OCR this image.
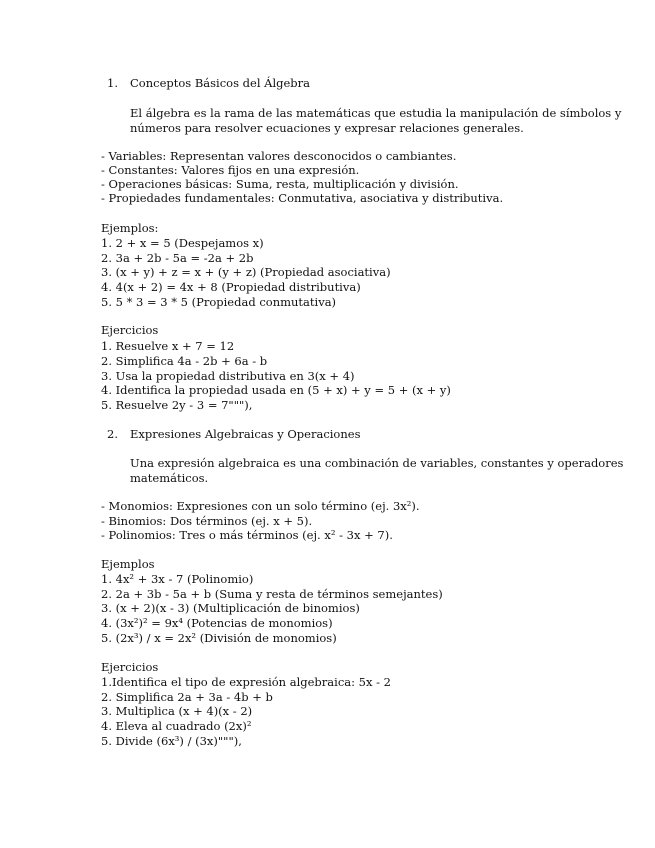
1. Conceptos Básicos del Álgebra
El álgebra es la rama de las matemáticas que estudia la manipulación de símbolos y
números para resolver ecuaciones y expresar relaciones generales.
- Variables: Representan valores desconocidos o cambiantes.
- Constantes: Valores fijos en una expresión.
- Operaciones básicas: Suma, resta, multiplicación y división.
- Propiedades fundamentales: Conmutativa, asociativa y distributiva.
Ejemplos:
1. 2 + x = 5 (Despejamos x)
2. 3a + 2b - 5a = -2a + 2b
3. (x + y) + z = x + (y + z) (Propiedad asociativa)
4. 4(x + 2) = 4x + 8 (Propiedad distributiva)
5. 5 * 3 = 3 * 5 (Propiedad conmutativa)
Ejercicios
1. Resuelve x + 7 = 12
2. Simplifica 4a - 2b + 6a - b
3. Usa la propiedad distributiva en 3(x + 4)
4. Identifica la propiedad usada en (5 + x) + y = 5 + (x + y)
5. Resuelve 2y - 3 = 7"""),
2. Expresiones Algebraicas y Operaciones
Una expresión algebraica es una combinación de variables, constantes y operadores
matemáticos.
- Monomios: Expresiones con un solo término (ej. 3x²).
- Binomios: Dos términos (ej. x + 5).
- Polinomios: Tres o más términos (ej. x² - 3x + 7).
Ejemplos
1. 4x² + 3x - 7 (Polinomio)
2. 2a + 3b - 5a + b (Suma y resta de términos semejantes)
3. (x + 2)(x - 3) (Multiplicación de binomios)
4. (3x²)² = 9x⁴ (Potencias de monomios)
5. (2x³) / x = 2x² (División de monomios)
Ejercicios
1.Identifica el tipo de expresión algebraica: 5x - 2
2. Simplifica 2a + 3a - 4b + b
3. Multiplica (x + 4)(x - 2)
4. Eleva al cuadrado (2x)²
5. Divide (6x³) / (3x)"""),
